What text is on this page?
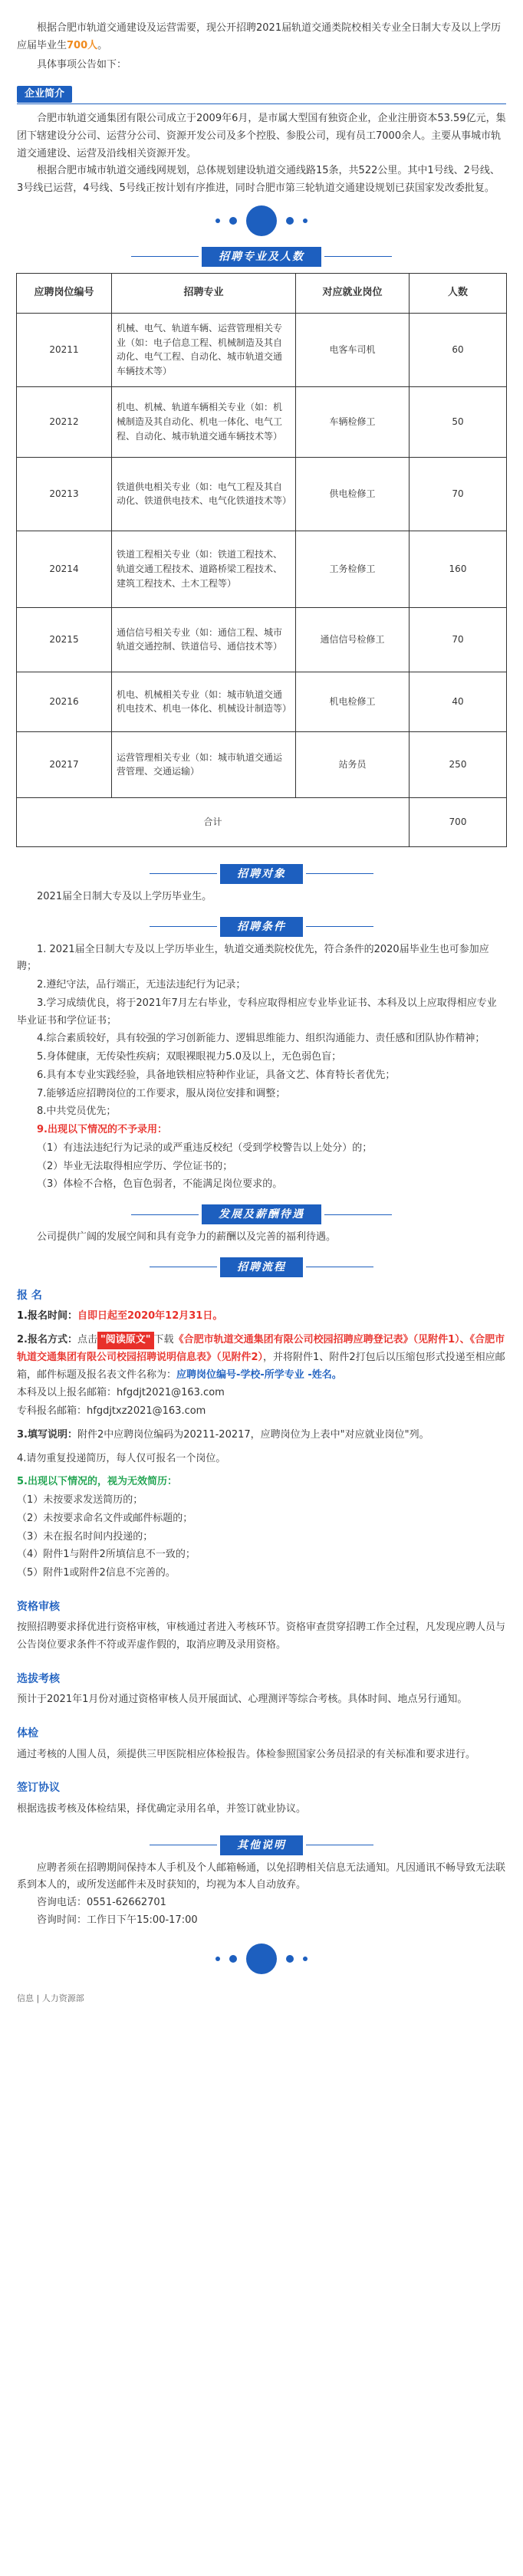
根据合肥市轨道交通建设及运营需要，现公开招聘2021届轨道交通类院校相关专业全日制大专及以上学历应届毕业生700人。

具体事项公告如下：

企业简介

合肥市轨道交通集团有限公司成立于2009年6月，是市属大型国有独资企业，企业注册资本53.59亿元，集团下辖建设分公司、运营分公司、资源开发公司及多个控股、参股公司，现有员工7000余人。主要从事城市轨道交通建设、运营及沿线相关资源开发。

根据合肥市城市轨道交通线网规划，总体规划建设轨道交通线路15条，共522公里。其中1号线、2号线、3号线已运营，4号线、5号线正按计划有序推进，同时合肥市第三轮轨道交通建设规划已获国家发改委批复。

招聘专业及人数
应聘岗位编号	招聘专业	对应就业岗位	人数
20211	机械、电气、轨道车辆、运营管理相关专业（如：电子信息工程、机械制造及其自动化、电气工程、自动化、城市轨道交通车辆技术等）	电客车司机	60
20212	机电、机械、轨道车辆相关专业（如：机械制造及其自动化、机电一体化、电气工程、自动化、城市轨道交通车辆技术等）	车辆检修工	50
20213	铁道供电相关专业（如：电气工程及其自动化、铁道供电技术、电气化铁道技术等）	供电检修工	70
20214	铁道工程相关专业（如：铁道工程技术、轨道交通工程技术、道路桥梁工程技术、建筑工程技术、土木工程等）	工务检修工	160
20215	通信信号相关专业（如：通信工程、城市轨道交通控制、铁道信号、通信技术等）	通信信号检修工	70
20216	机电、机械相关专业（如：城市轨道交通机电技术、机电一体化、机械设计制造等）	机电检修工	40
20217	运营管理相关专业（如：城市轨道交通运营管理、交通运输）	站务员	250
合计			700
招聘对象

2021届全日制大专及以上学历毕业生。

招聘条件

1. 2021届全日制大专及以上学历毕业生，轨道交通类院校优先，符合条件的2020届毕业生也可参加应聘；

2.遵纪守法，品行端正，无违法违纪行为记录；

3.学习成绩优良，将于2021年7月左右毕业，专科应取得相应专业毕业证书、本科及以上应取得相应专业毕业证书和学位证书；

4.综合素质较好，具有较强的学习创新能力、逻辑思维能力、组织沟通能力、责任感和团队协作精神；

5.身体健康，无传染性疾病；双眼裸眼视力5.0及以上，无色弱色盲；

6.具有本专业实践经验，具备地铁相应特种作业证，具备文艺、体育特长者优先；

7.能够适应招聘岗位的工作要求，服从岗位安排和调整；

8.中共党员优先；

9.出现以下情况的不予录用：

（1）有违法违纪行为记录的或严重违反校纪（受到学校警告以上处分）的；

（2）毕业无法取得相应学历、学位证书的；

（3）体检不合格，色盲色弱者，不能满足岗位要求的。

发展及薪酬待遇

公司提供广阔的发展空间和具有竞争力的薪酬以及完善的福利待遇。

招聘流程
报 名

1.报名时间：自即日起至2020年12月31日。

2.报名方式：点击 "阅读原文" 下载《合肥市轨道交通集团有限公司校园招聘应聘登记表》（见附件1）、《合肥市轨道交通集团有限公司校园招聘说明信息表》（见附件2），并将附件1、附件2打包后以压缩包形式投递至相应邮箱，邮件标题及报名表文件名称为：应聘岗位编号-学校-所学专业 -姓名。

本科及以上报名邮箱：hfgdjt2021@163.com

专科报名邮箱：hfgdjtxz2021@163.com

3.填写说明：附件2中应聘岗位编码为20211-20217，应聘岗位为上表中"对应就业岗位"列。

4.请勿重复投递简历，每人仅可报名一个岗位。

5.出现以下情况的，视为无效简历：

（1）未按要求发送简历的；

（2）未按要求命名文件或邮件标题的；

（3）未在报名时间内投递的；

（4）附件1与附件2所填信息不一致的；

（5）附件1或附件2信息不完善的。

资格审核

按照招聘要求择优进行资格审核，审核通过者进入考核环节。资格审查贯穿招聘工作全过程，凡发现应聘人员与公告岗位要求条件不符或弄虚作假的，取消应聘及录用资格。

选拔考核

预计于2021年1月份对通过资格审核人员开展面试、心理测评等综合考核。具体时间、地点另行通知。

体检

通过考核的人围人员，须提供三甲医院相应体检报告。体检参照国家公务员招录的有关标准和要求进行。

签订协议

根据选拔考核及体检结果，择优确定录用名单，并签订就业协议。

其他说明

应聘者须在招聘期间保持本人手机及个人邮箱畅通，以免招聘相关信息无法通知。凡因通讯不畅导致无法联系到本人的，或所发送邮件未及时获知的，均视为本人自动放弃。

咨询电话：0551-62662701

咨询时间：工作日下午15:00-17:00

信息 | 人力资源部
